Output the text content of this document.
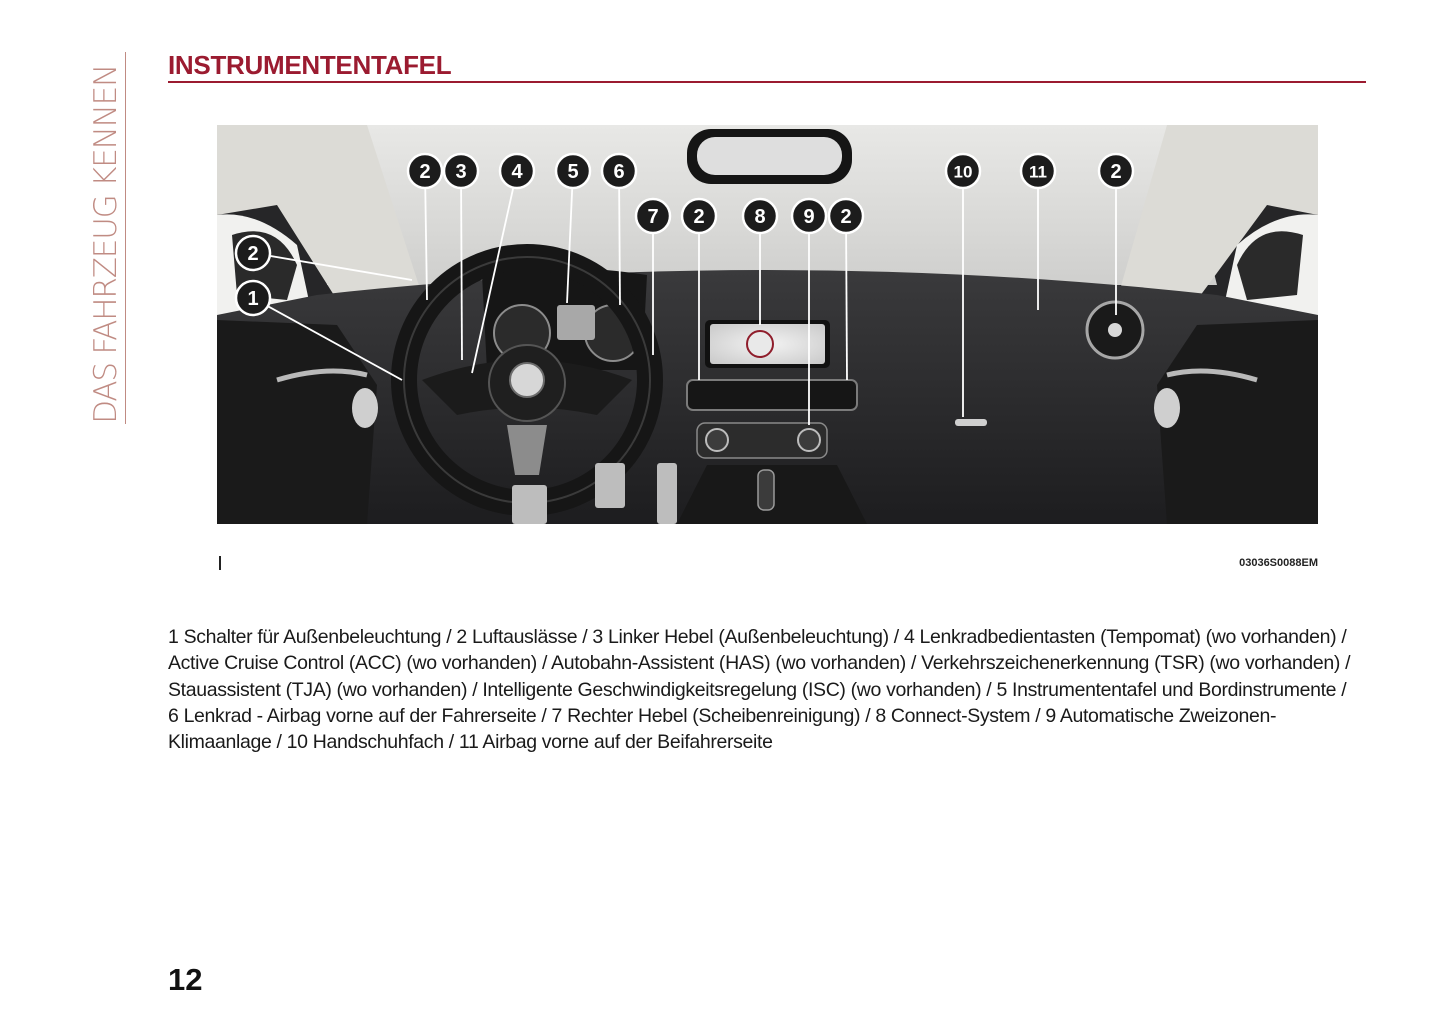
DAS FAHRZEUG KENNEN
INSTRUMENTENTAFEL
2 3 4 5 6
7 2 8 9 2
10	11	2
2
1
03036S0088EM
1 Schalter für Außenbeleuchtung / 2 Luftauslässe / 3 Linker Hebel (Außenbeleuchtung) / 4 Lenkradbedientasten (Tempomat) (wo vorhanden) / Active Cruise Control (ACC) (wo vorhanden) / Autobahn-Assistent (HAS) (wo vorhanden) / Verkehrszeichenerkennung (TSR) (wo vorhanden) / Stauassistent (TJA) (wo vorhanden) / Intelligente Geschwindigkeitsregelung (ISC) (wo vorhanden) / 5 Instrumententafel und Bordinstrumente / 6 Lenkrad - Airbag vorne auf der Fahrerseite / 7 Rechter Hebel (Scheibenreinigung) / 8 Connect-System / 9 Automatische Zweizonen-Klimaanlage / 10 Handschuhfach / 11 Airbag vorne auf der Beifahrerseite
12
